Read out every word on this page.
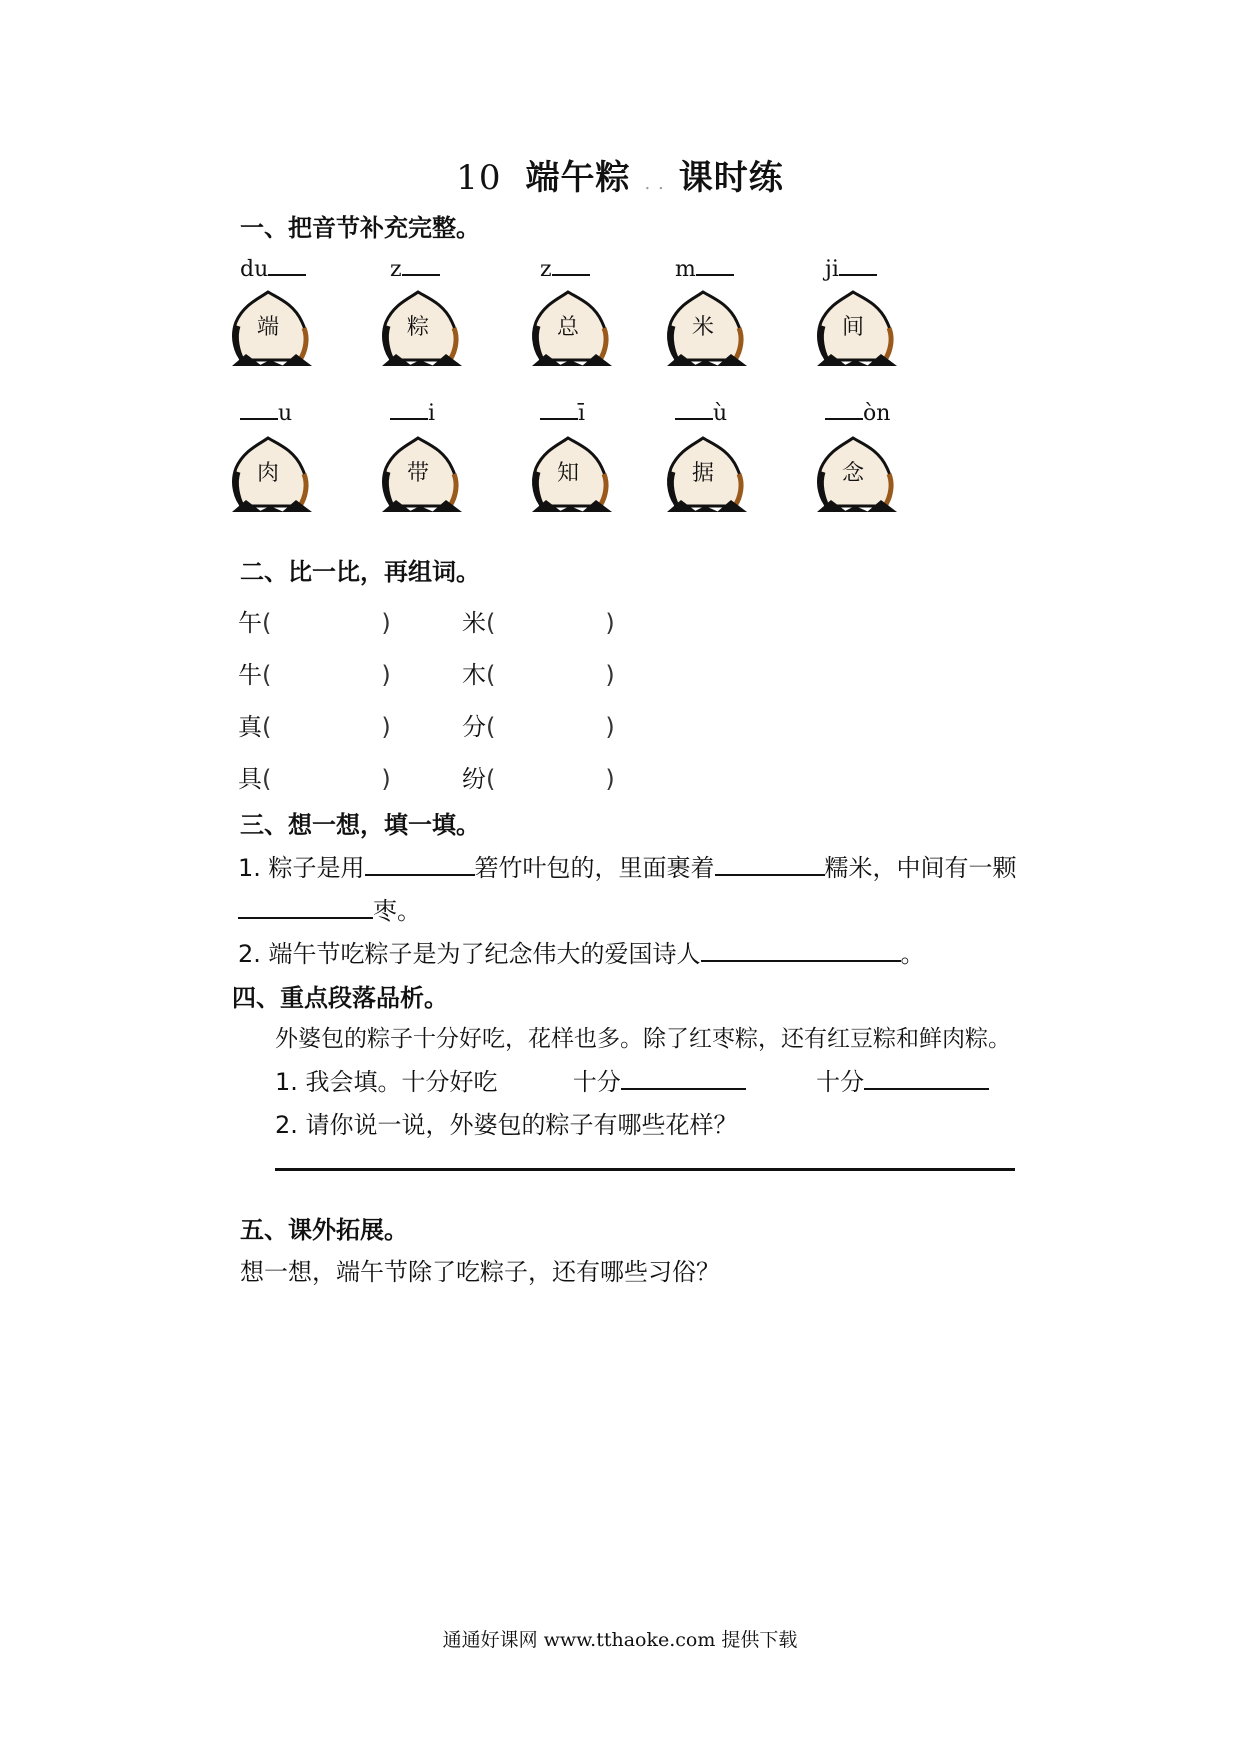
10 端午粽 . . 课时练
一、把音节补充完整。
du
端
z
粽
z
总
m
米
ji
间
u
肉
i
带
ī
知
ù
据
òn
念
二、比一比，再组词。
午(	)	米(	)
牛(	)	木(	)
真(	)	分(	)
具(	)	纷(	)
三、想一想，填一填。
1. 粽子是用	箬竹叶包的，里面裹着	糯米，中间有一颗
枣。
2. 端午节吃粽子是为了纪念伟大的爱国诗人	。
四、重点段落品析。
外婆包的粽子十分好吃，花样也多。除了红枣粽，还有红豆粽和鲜肉粽。
1. 我会填。十分好吃	十分	十分
2. 请你说一说，外婆包的粽子有哪些花样？
五、课外拓展。
想一想，端午节除了吃粽子，还有哪些习俗？
通通好课网 www.tthaoke.com 提供下载
